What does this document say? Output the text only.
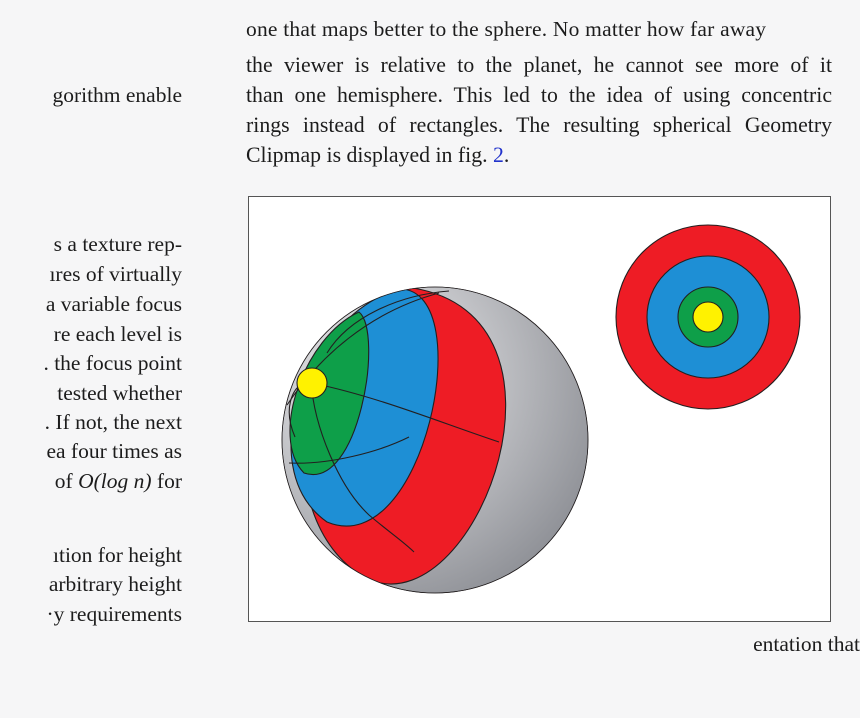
gorithm enable
s a texture rep-
ıres of virtually
a variable focus
re each level is
. the focus point
tested whether
. If not, the next
ea four times as
of O(log n) for
ıtion for height
arbitrary height
·y requirements
entation that
one that maps better to the sphere. No matter how far away
the viewer is relative to the planet, he cannot see more of it
than one hemisphere. This led to the idea of using concentric
rings instead of rectangles. The resulting spherical Geometry
Clipmap is displayed in fig. 2.
